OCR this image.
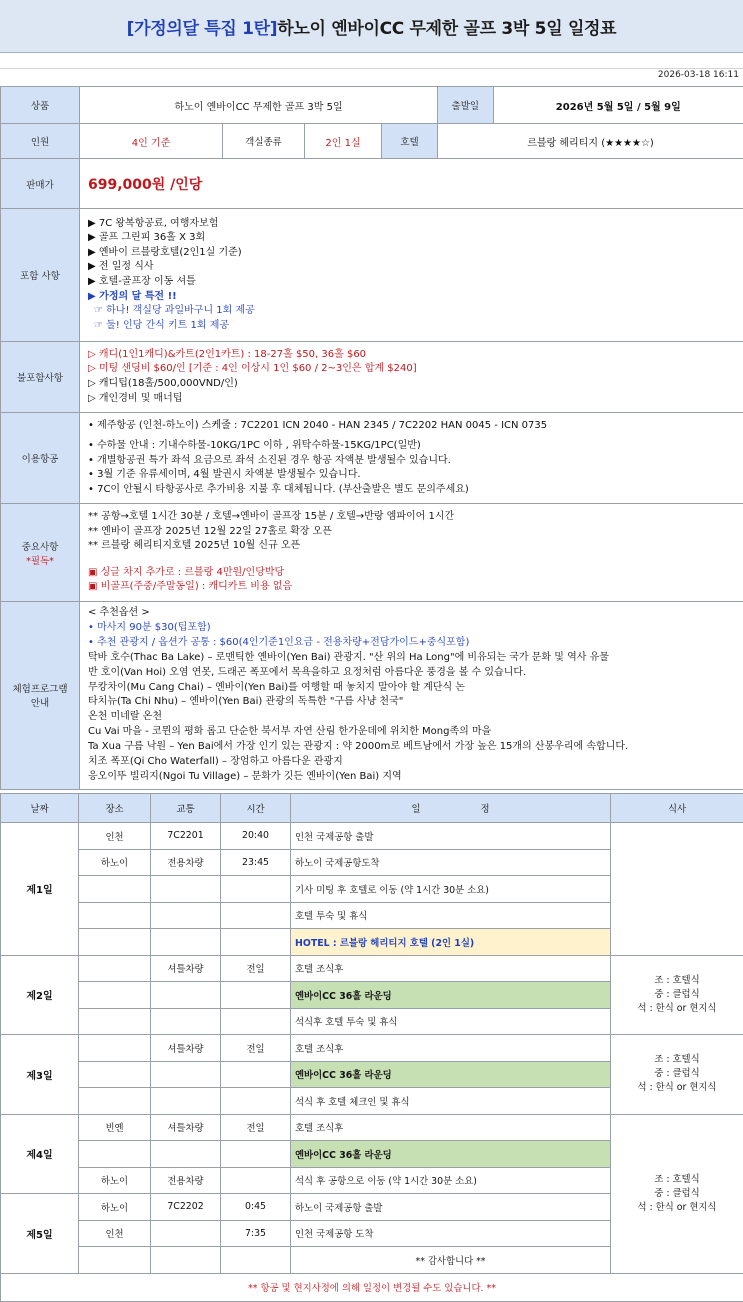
[가정의달 특집 1탄] 하노이 옌바이CC 무제한 골프 3박 5일 일정표
2026-03-18 16:11
상품	하노이 옌바이CC 무제한 골프 3박 5일		출발일	2026년 5월 5일 / 5월 9일

인원	4인 기준	객실종류	2인 1실	호텔	르블랑 헤리티지 (★★★★☆)
판매가	699,000원 /인당
포함 사항	
▶ 7C 왕복항공료, 여행자보험
▶ 골프 그린피 36홀 X 3회
▶ 옌바이 르블랑호텔(2인1실 기준)
▶ 전 일정 식사
▶ 호텔-골프장 이동 셔틀
▶ 가정의 달 특전 !!
☞ 하나! 객실당 과일바구니 1회 제공
☞ 둘! 인당 간식 키트 1회 제공

불포함사항	
▷ 캐디(1인1캐디)&카트(2인1카트) : 18-27홀 $50, 36홀 $60
▷ 미팅 샌딩비 $60/인 [기준 : 4인 이상시 1인 $60 / 2~3인은 합계 $240]
▷ 캐디팁(18홀/500,000VND/인)
▷ 개인경비 및 매너팁

이용항공	
• 제주항공 (인천-하노이) 스케줄 : 7C2201 ICN 2040 - HAN 2345 / 7C2202 HAN 0045 - ICN 0735
• 수하물 안내 : 기내수하물-10KG/1PC 이하 , 위탁수하물-15KG/1PC(일반)
• 개별항공권 특가 좌석 요금으로 좌석 소진된 경우 항공 자액분 발생될수 있습니다.
• 3월 기준 유류세이며, 4월 발권시 차액분 발생될수 있습니다.
• 7C이 안될시 타항공사로 추가비용 지불 후 대체됩니다. (부산출발은 별도 문의주세요)

중요사항
*필독*

** 공항→호텔 1시간 30분 / 호텔→옌바이 골프장 15분 / 호텔→반랑 엠파이어 1시간
** 옌바이 골프장 2025년 12월 22일 27홀로 확장 오픈
** 르블랑 헤리티지호텔 2025년 10월 신규 오픈
▣ 싱글 차지 추가로 : 르블랑 4만원/인당박당
▣ 비골프(주중/주말동일) : 캐디카트 비용 없음

체험프로그램
안내

< 추천옵션 >
• 마사지 90분 $30(팁포함)
• 추천 관광지 / 옵션가 공통 : $60(4인기준1인요금 - 전용차량+전담가이드+중식포함)
탁바 호수(Thac Ba Lake) – 로맨틱한 옌바이(Yen Bai) 관광지. "산 위의 Ha Long"에 비유되는 국가 문화 및 역사 유물
반 호이(Van Hoi) 오염 연못, 드래곤 폭포에서 목욕을하고 요정처럼 아름다운 풍경을 볼 수 있습니다.
무캉차이(Mu Cang Chai) – 옌바이(Yen Bai)를 여행할 때 놓치지 말아야 할 계단식 논
타치뉴(Ta Chi Nhu) – 옌바이(Yen Bai) 관광의 독특한 "구름 사냥 천국"
온천 미네랄 온천
Cu Vai 마을 - 코뮌의 평화 롭고 단순한 북서부 자연 산림 한가운데에 위치한 Mong족의 마을
Ta Xua 구름 낙원 – Yen Bai에서 가장 인기 있는 관광지 : 약 2000m로 베트남에서 가장 높은 15개의 산봉우리에 속합니다.
치조 폭포(Qi Cho Waterfall) – 장엄하고 아름다운 관광지
응오이뚜 빌리지(Ngoi Tu Village) – 문화가 깃든 옌바이(Yen Bai) 지역
날짜	장소	교통	시간	일 정	식사
제1일	인천	7C2201	20:40	인천 국제공항 출발	
	하노이	전용차량	23:45	하노이 국제공항도착	
				기사 미팅 후 호텔로 이동 (약 1시간 30분 소요)	
				호텔 투숙 및 휴식	
				HOTEL : 르블랑 헤리티지 호텔 (2인 1실)	
제2일		셔틀차량	전일	호텔 조식후	조 : 호텔식
중 : 클럽식
석 : 한식 or 현지식

				옌바이CC 36홀 라운딩	
				석식후 호텔 투숙 및 휴식	
제3일		셔틀차량	전일	호텔 조식후	조 : 호텔식
중 : 클럽식
석 : 한식 or 현지식

				옌바이CC 36홀 라운딩	
				석식 후 호텔 체크인 및 휴식	
제4일	빈옌	셔틀차량	전일	호텔 조식후	조 : 호텔식
중 : 클럽식
석 : 한식 or 현지식

				옌바이CC 36홀 라운딩	
	하노이	전용차량		석식 후 공항으로 이동 (약 1시간 30분 소요)	
제5일	하노이	7C2202	0:45	하노이 국제공항 출발	
	인천		7:35	인천 국제공항 도착	
				** 감사합니다 **	
** 항공 및 현지사정에 의해 일정이 변경될 수도 있습니다. **					
